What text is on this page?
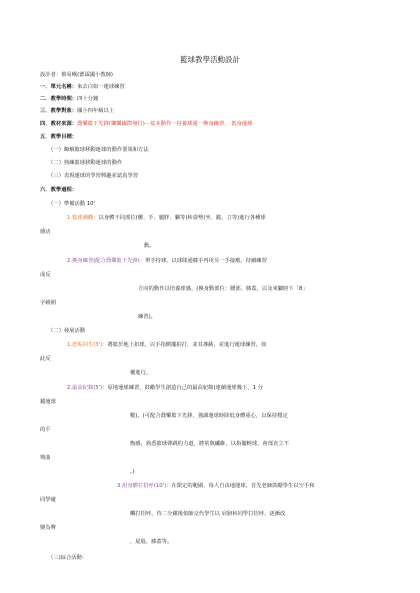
籃球教學活動設計
設計者：蔡易峨(德霖國小教師)
一．單元名稱：來去白如一運球練習
二．教學時間：四十分鐘
三．教學對象：國小四年級以上
四．教材來源：喬樂籃下先鋒(樂樂國際發行)－基本動作一持養球還一換身練習、 低身運球
五．教學目標：
（一）瞭解籃球移動運球的動作要領和方法
（二）熟練籃球移動運球的動作
（三）表現運球的學習興趣並認真學習
六．教學過程：
（一）準備活動 10'
1.籃球潮觀：以身體不同部位(腰、手、腿胖、腳等)和姿勢(坐、跪、立等)進行各種球
感活
動。
2.換身練習(配合喬樂籃下先鋒)：單手持球，以球隊通膝手再用另一手接應，持續練習
成反
方向的動作以培養球感。(換身動部位：腰部、膝蓋，以及來腳胯下「8」
字繞圈
練習)。
（二）發展活動
1.惹呢回生(3')：將籃於地上扣球，以手指側擺拍打，並其導跳，並進行運球練習，如
此反
覆進行。
2.最高紀錄(5')：原地運球練習，鼓勵學生創造自己的最高紀錄(連續運球幾下，1 分
鐘運球
數)。(可配合喬樂籃下先鋒，強調運球時降低身體重心，以保持穩定
的平
衡感，熟悉籃球彈跳的力道，將常與纖維，以指擺輕球，會部直立不
彎曲
。)
3.用身體打招呼(10')：在限定的範圍，每人自由地運球，首先老師鼓勵學生以空手和
同學碰
觸打招呼，待二分鐘後依師交代學生以 肩膀和同學打招呼，逐漸改
變為臀
，屁股、膝蓋等。
（三)綜合活動：
